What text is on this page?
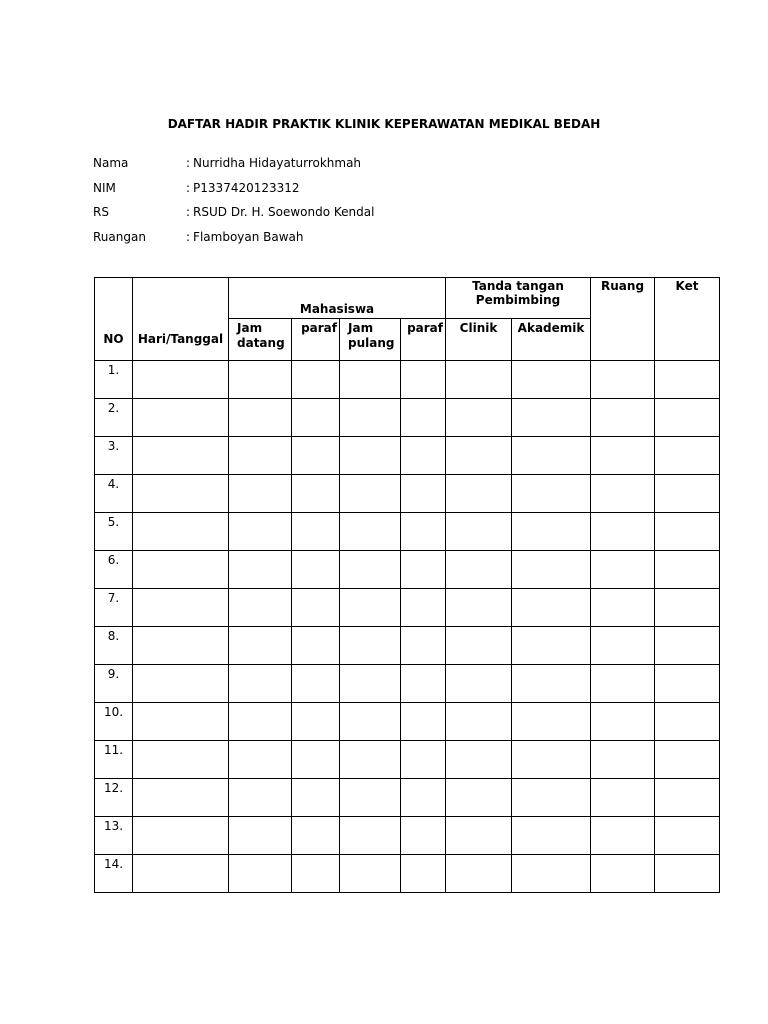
DAFTAR HADIR PRAKTIK KLINIK KEPERAWATAN MEDIKAL BEDAH
Nama	: Nurridha Hidayaturrokhmah
NIM	: P1337420123312
RS	: RSUD Dr. H. Soewondo Kendal
Ruangan	: Flamboyan Bawah
NO	Hari/Tanggal	Mahasiswa				Tanda tangan Pembimbing		Ruang	Ket
		Jam datang	paraf	Jam pulang	paraf	Clinik	Akademik		
1.									
2.									
3.									
4.									
5.									
6.									
7.									
8.									
9.									
10.									
11.									
12.									
13.									
14.									
